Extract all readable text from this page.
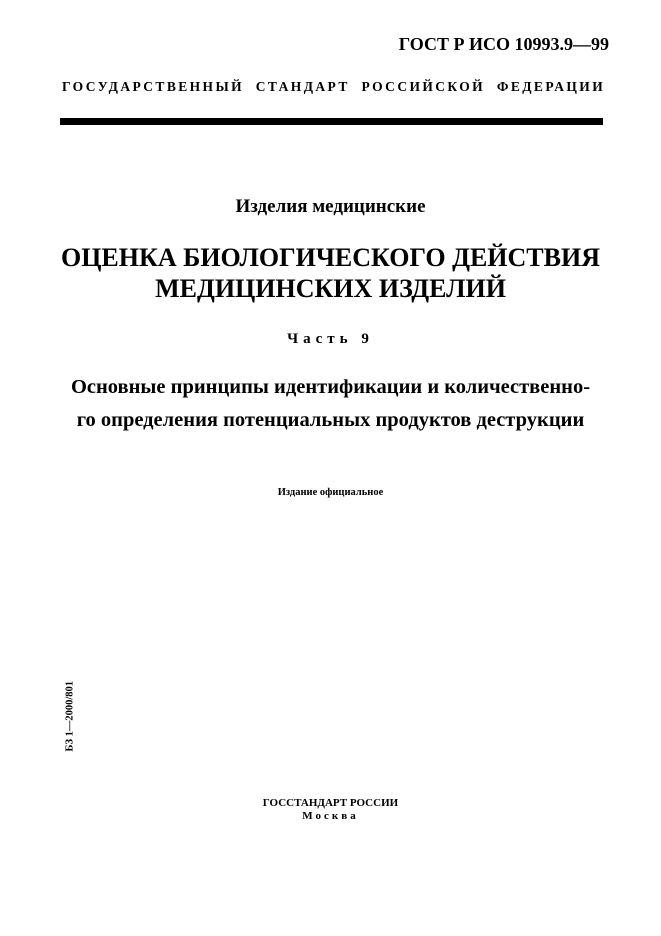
ГОСТ Р ИСО 10993.9—99
ГОСУДАРСТВЕННЫЙ СТАНДАРТ РОССИЙСКОЙ ФЕДЕРАЦИИ
Изделия медицинские
ОЦЕНКА БИОЛОГИЧЕСКОГО ДЕЙСТВИЯ
МЕДИЦИНСКИХ ИЗДЕЛИЙ
Часть 9
Основные принципы идентификации и количественно-
го определения потенциальных продуктов деструкции
Издание официальное
БЗ 1—2000/801
ГОССТАНДАРТ РОССИИ
Москва
